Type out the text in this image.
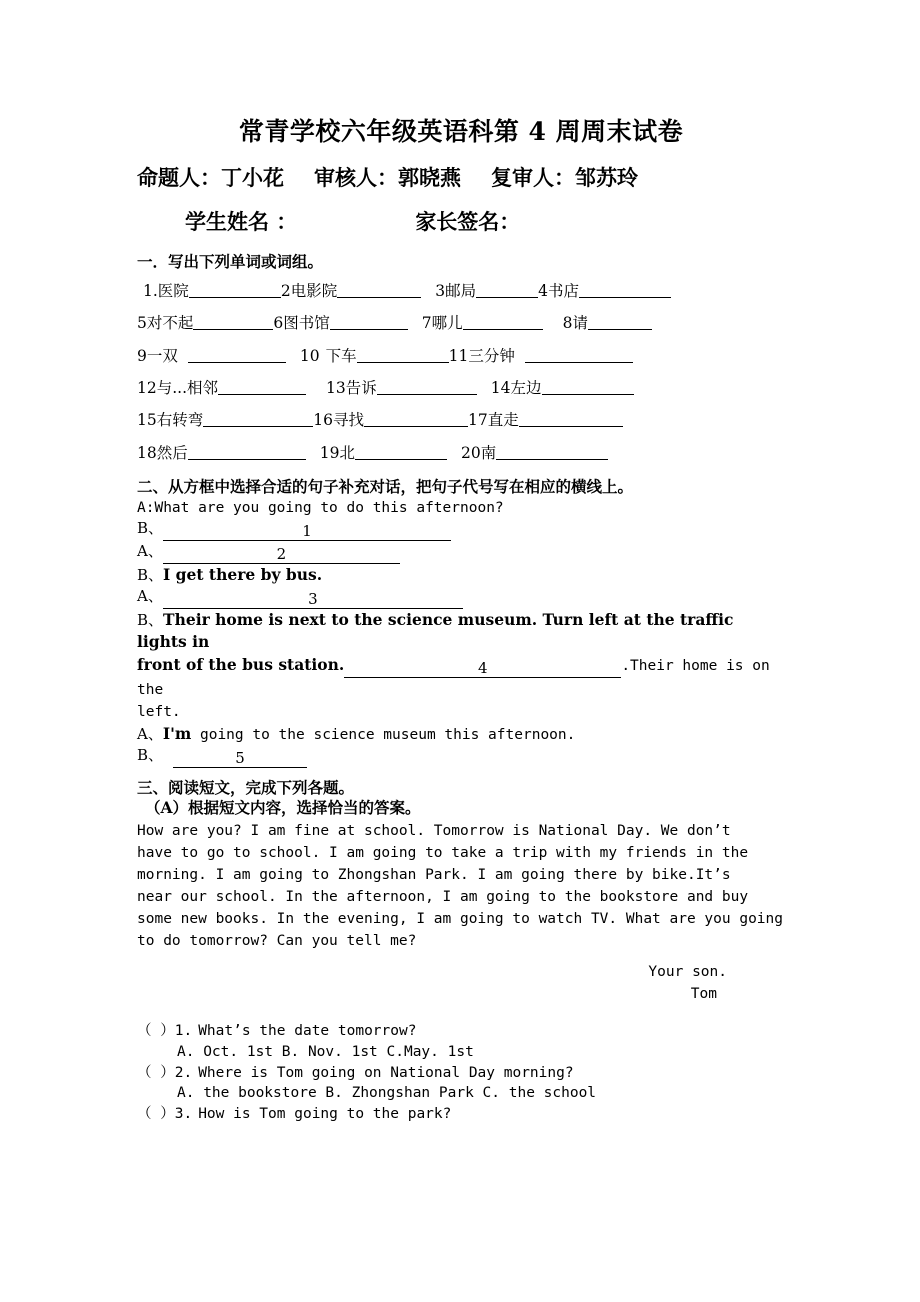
常青学校六年级英语科第 4 周周末试卷
命题人：丁小花 审核人：郭晓燕 复审人：邹苏玲
学生姓名 ：	家长签名：
一．写出下列单词或词组。
1.医院	2电影院	3邮局	4书店
5对不起	6图书馆	7哪儿	8请
9一双	10 下车	11三分钟
12与...相邻	13告诉	14左边
15右转弯	16寻找	17直走
18然后	19北	20南
二、从方框中选择合适的句子补充对话，把句子代号写在相应的横线上。
A:What are you going to do this afternoon?
B、	1
A、	2
B、I get there by bus.
A、	3
B、Their home is next to the science museum. Turn left at the traffic lights in
front of the bus station.	4	.Their home is on the
left.
A、I'm going to the science museum this afternoon.
B、	5
三、阅读短文，完成下列各题。
（A）根据短文内容，选择恰当的答案。
How are you? I am fine at school. Tomorrow is National Day. We don’t
have to go to school. I am going to take a trip with my friends in the
morning. I am going to Zhongshan Park. I am going there by bike.It’s
near our school. In the afternoon, I am going to the bookstore and buy
some new books. In the evening, I am going to watch TV. What are you going
to do tomorrow? Can you tell me?
Your son.
Tom
（ ）1. What’s the date tomorrow?
A. Oct. 1st B. Nov. 1st C.May. 1st
（ ）2. Where is Tom going on National Day morning?
A. the bookstore B. Zhongshan Park C. the school
（ ）3. How is Tom going to the park?
